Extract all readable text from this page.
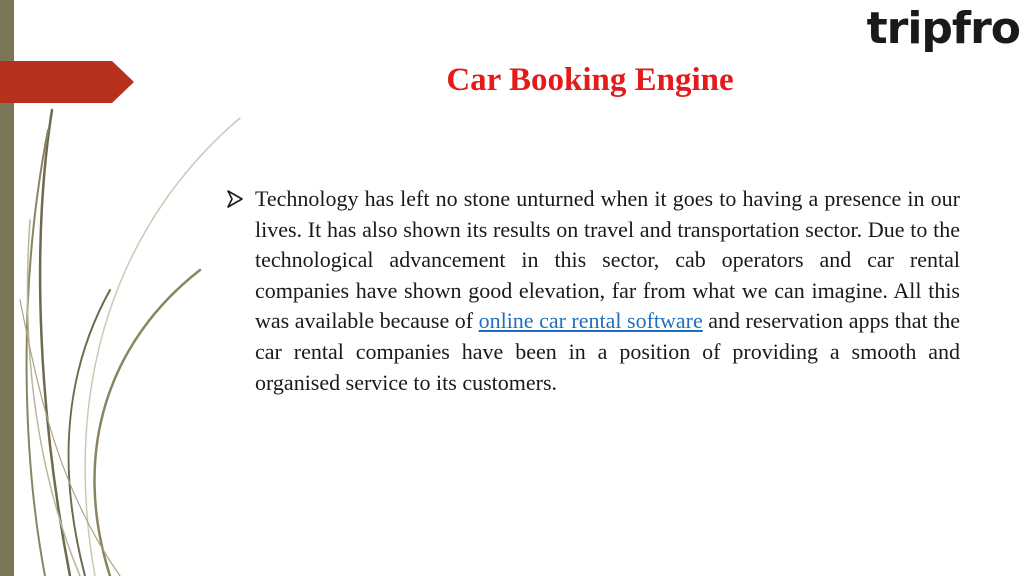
tripfro
Car Booking Engine

Technology has left no stone unturned when it goes to having a presence in our lives. It has also shown its results on travel and transportation sector. Due to the technological advancement in this sector, cab operators and car rental companies have shown good elevation, far from what we can imagine. All this was available because of online car rental software and reservation apps that the car rental companies have been in a position of providing a smooth and organised service to its customers.
